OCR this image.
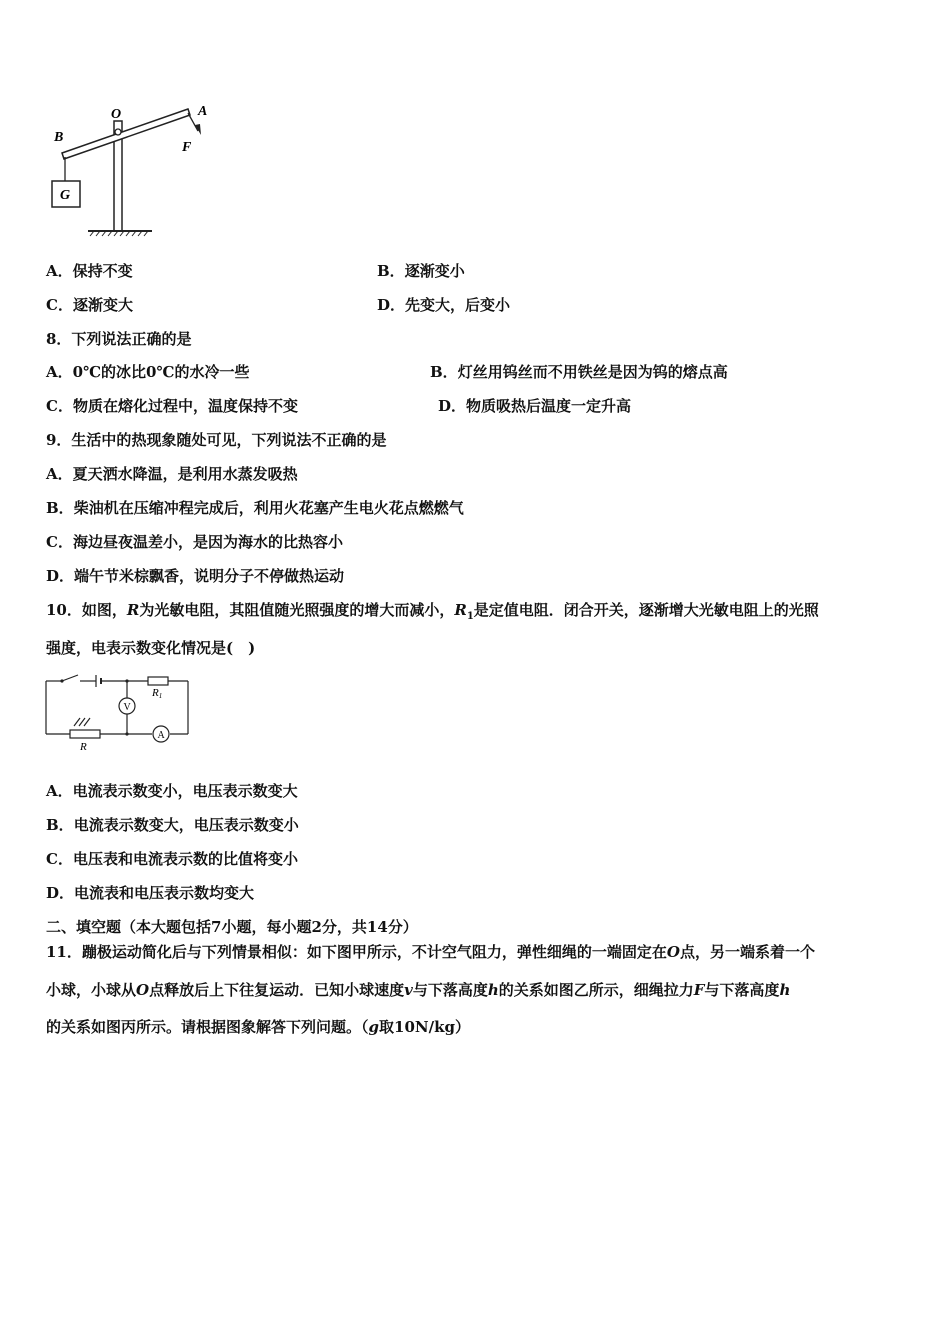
O	A
B
F
G
A．保持不变	B．逐渐变小
C．逐渐变大	D．先变大，后变小
8．下列说法正确的是
A．0℃的冰比0℃的水冷一些	B．灯丝用钨丝而不用铁丝是因为钨的熔点高
C．物质在熔化过程中，温度保持不变	D．物质吸热后温度一定升高
9．生活中的热现象随处可见，下列说法不正确的是
A．夏天洒水降温，是利用水蒸发吸热
B．柴油机在压缩冲程完成后，利用火花塞产生电火花点燃燃气
C．海边昼夜温差小，是因为海水的比热容小
D．端午节米棕飘香，说明分子不停做热运动
10．如图，R为光敏电阻，其阻值随光照强度的增大而减小，$R_1$是定值电阻．闭合开关，逐渐增大光敏电阻上的光照
强度，电表示数变化情况是(　)
V
A
R1
R
A．电流表示数变小，电压表示数变大
B．电流表示数变大，电压表示数变小
C．电压表和电流表示数的比值将变小
D．电流表和电压表示数均变大
二、填空题（本大题包括7小题，每小题2分，共14分）
11．蹦极运动简化后与下列情景相似：如下图甲所示，不计空气阻力，弹性细绳的一端固定在O点，另一端系着一个
小球，小球从O点释放后上下往复运动．已知小球速度v与下落高度h的关系如图乙所示，细绳拉力F与下落高度h
的关系如图丙所示。请根据图象解答下列问题。（g取10N/kg）
